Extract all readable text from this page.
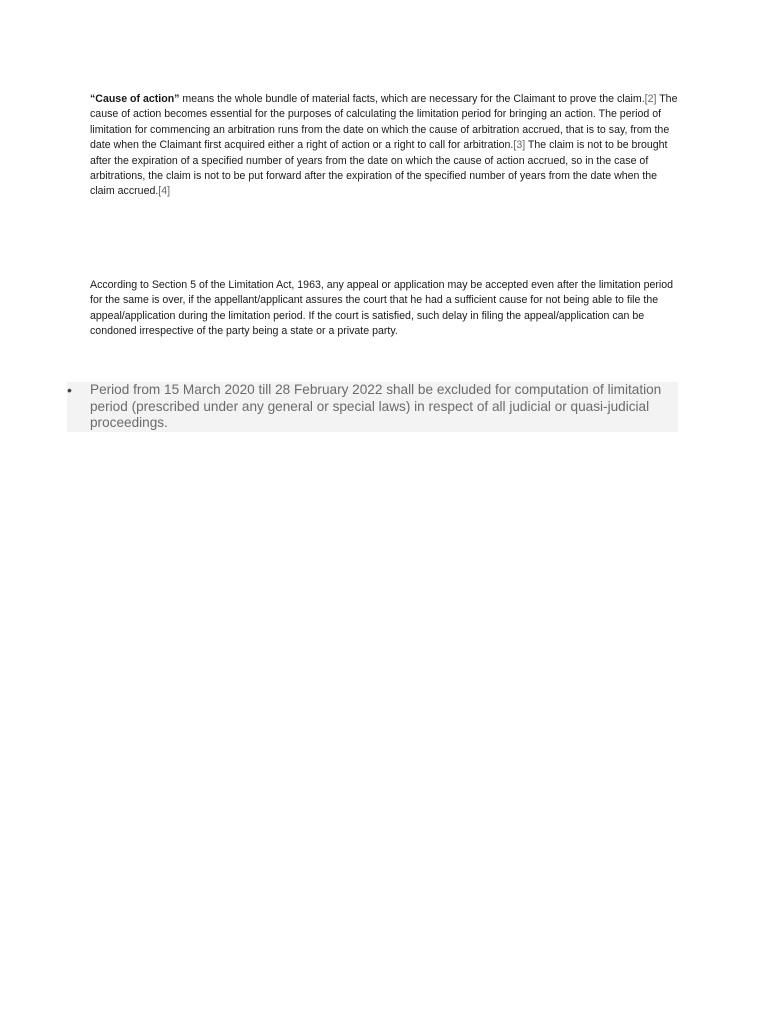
“Cause of action” means the whole bundle of material facts, which are necessary for the Claimant to prove the claim.[2] The cause of action becomes essential for the purposes of calculating the limitation period for bringing an action. The period of limitation for commencing an arbitration runs from the date on which the cause of arbitration accrued, that is to say, from the date when the Claimant first acquired either a right of action or a right to call for arbitration.[3] The claim is not to be brought after the expiration of a specified number of years from the date on which the cause of action accrued, so in the case of arbitrations, the claim is not to be put forward after the expiration of the specified number of years from the date when the claim accrued.[4]

According to Section 5 of the Limitation Act, 1963, any appeal or application may be accepted even after the limitation period for the same is over, if the appellant/applicant assures the court that he had a sufficient cause for not being able to file the appeal/application during the limitation period. If the court is satisfied, such delay in filing the appeal/application can be condoned irrespective of the party being a state or a private party.

• Period from 15 March 2020 till 28 February 2022 shall be excluded for computation of limitation period (prescribed under any general or special laws) in respect of all judicial or quasi-judicial proceedings.
